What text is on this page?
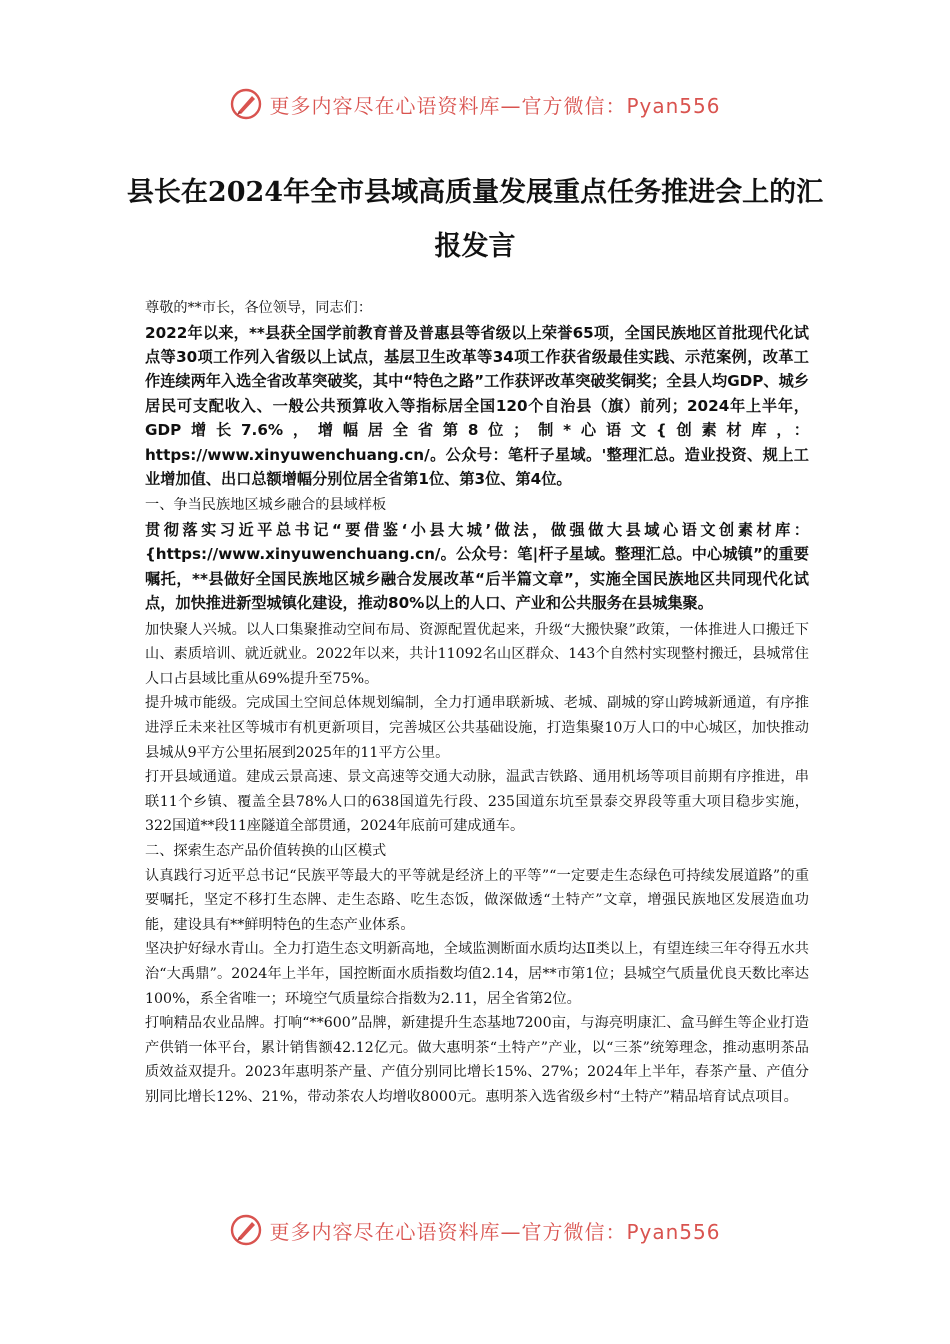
更多内容尽在心语资料库—官方微信：Pyan556
县长在2024年全市县域高质量发展重点任务推进会上的汇报发言

尊敬的**市长，各位领导，同志们：

2022年以来，**县获全国学前教育普及普惠县等省级以上荣誉65项，全国民族地区首批现代化试点等30项工作列入省级以上试点，基层卫生改革等34项工作获省级最佳实践、示范案例，改革工作连续两年入选全省改革突破奖，其中“特色之路”工作获评改革突破奖铜奖；全县人均GDP、城乡居民可支配收入、一般公共预算收入等指标居全国120个自治县（旗）前列；2024年上半年，GDP增长7.6%，增幅居全省第8位；制*心语文{创素材库，：https://www.xinyuwenchuang.cn/。公众号：笔杆子星域。'整理汇总。造业投资、规上工业增加值、出口总额增幅分别位居全省第1位、第3位、第4位。

一、争当民族地区城乡融合的县域样板

贯彻落实习近平总书记“要借鉴‘小县大城’做法，做强做大县域心语文创素材库：{https://www.xinyuwenchuang.cn/。公众号：笔|杆子星域。整理汇总。中心城镇”的重要嘱托，**县做好全国民族地区城乡融合发展改革“后半篇文章”，实施全国民族地区共同现代化试点，加快推进新型城镇化建设，推动80%以上的人口、产业和公共服务在县城集聚。

加快聚人兴城。以人口集聚推动空间布局、资源配置优起来，升级“大搬快聚”政策，一体推进人口搬迁下山、素质培训、就近就业。2022年以来，共计11092名山区群众、143个自然村实现整村搬迁，县城常住人口占县域比重从69%提升至75%。

提升城市能级。完成国土空间总体规划编制，全力打通串联新城、老城、副城的穿山跨城新通道，有序推进浮丘未来社区等城市有机更新项目，完善城区公共基础设施，打造集聚10万人口的中心城区，加快推动县城从9平方公里拓展到2025年的11平方公里。

打开县域通道。建成云景高速、景文高速等交通大动脉，温武吉铁路、通用机场等项目前期有序推进，串联11个乡镇、覆盖全县78%人口的638国道先行段、235国道东坑至景泰交界段等重大项目稳步实施，322国道**段11座隧道全部贯通，2024年底前可建成通车。

二、探索生态产品价值转换的山区模式

认真践行习近平总书记“民族平等最大的平等就是经济上的平等”“一定要走生态绿色可持续发展道路”的重要嘱托，坚定不移打生态牌、走生态路、吃生态饭，做深做透“土特产”文章，增强民族地区发展造血功能，建设具有**鲜明特色的生态产业体系。

坚决护好绿水青山。全力打造生态文明新高地，全域监测断面水质均达Ⅱ类以上，有望连续三年夺得五水共治“大禹鼎”。2024年上半年，国控断面水质指数均值2.14，居**市第1位；县城空气质量优良天数比率达100%，系全省唯一；环境空气质量综合指数为2.11，居全省第2位。

打响精品农业品牌。打响“**600”品牌，新建提升生态基地7200亩，与海亮明康汇、盒马鲜生等企业打造产供销一体平台，累计销售额42.12亿元。做大惠明茶“土特产”产业，以“三茶”统筹理念，推动惠明茶品质效益双提升。2023年惠明茶产量、产值分别同比增长15%、27%；2024年上半年，春茶产量、产值分别同比增长12%、21%，带动茶农人均增收8000元。惠明茶入选省级乡村“土特产”精品培育试点项目。

更多内容尽在心语资料库—官方微信：Pyan556
